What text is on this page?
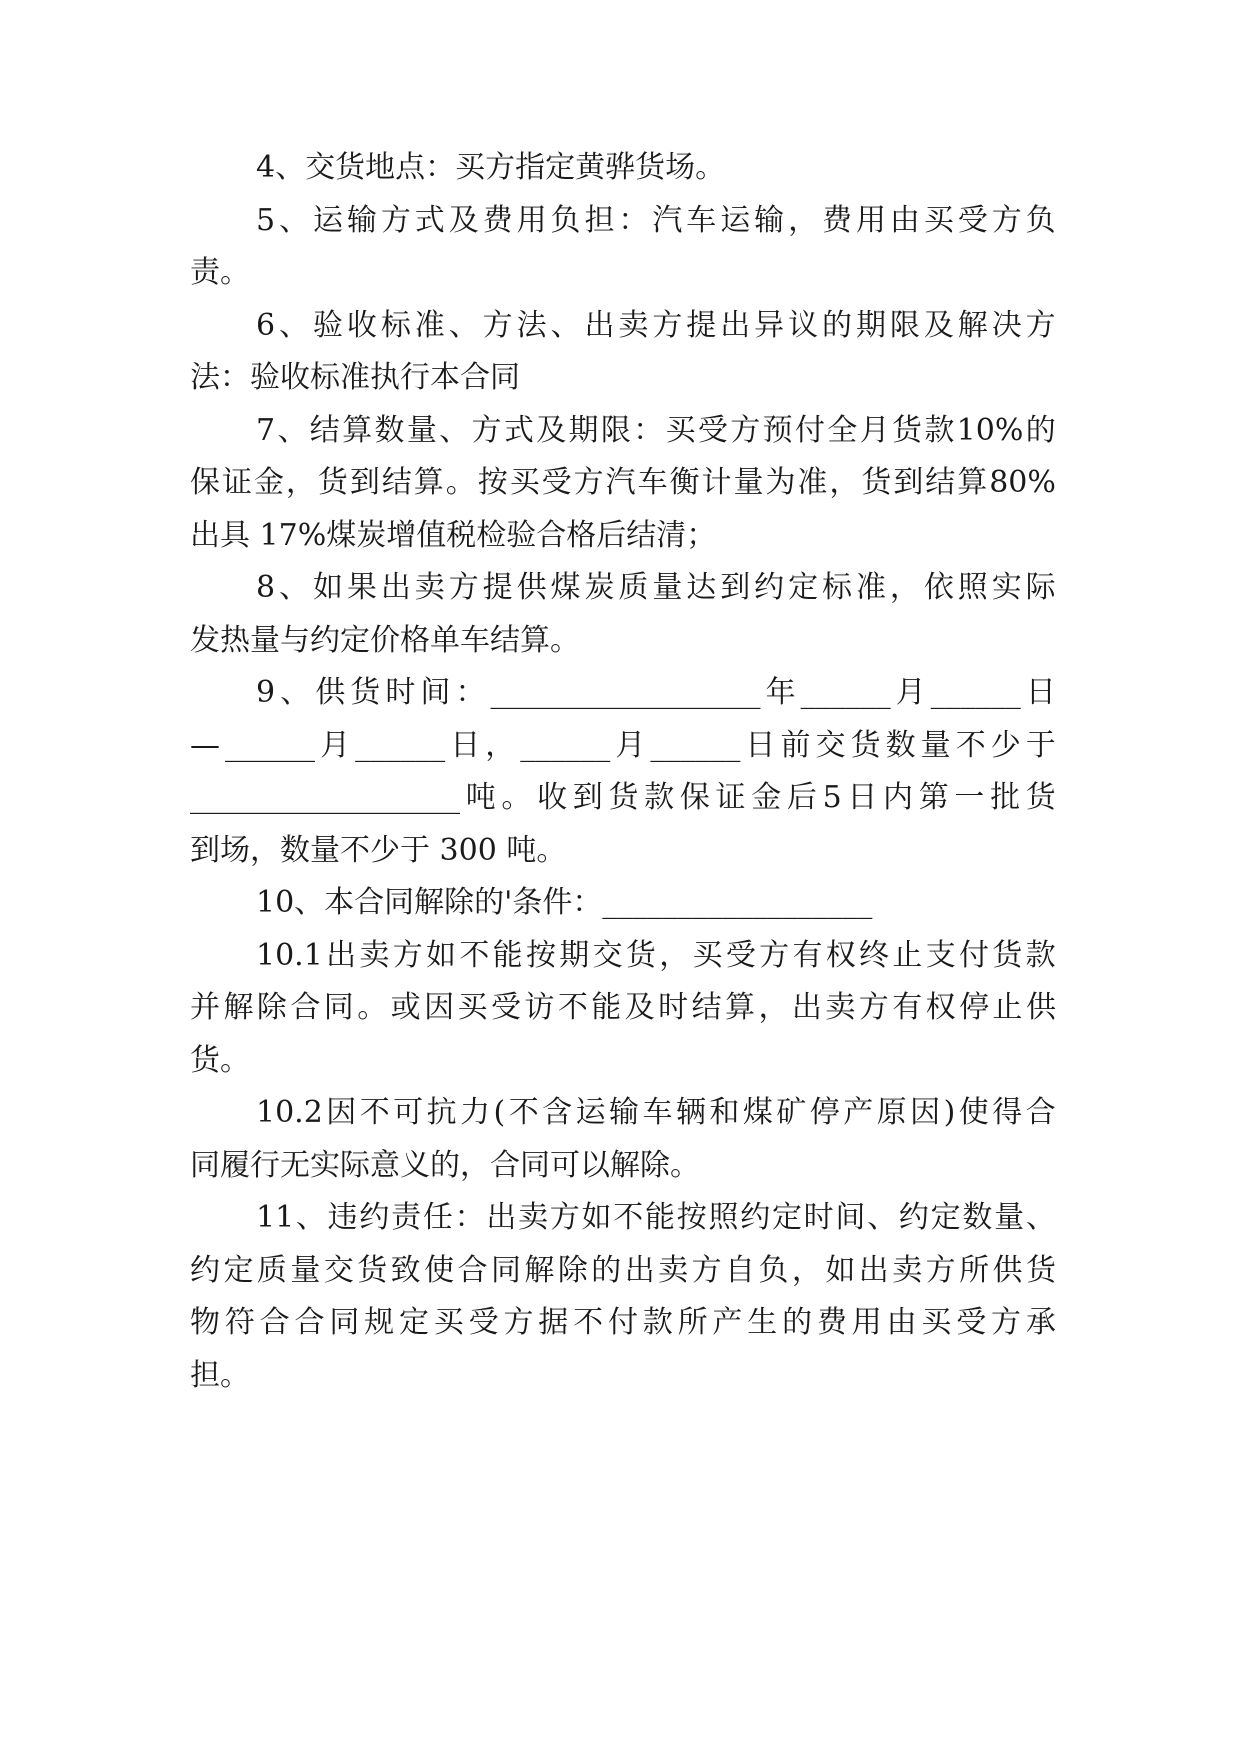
4、交货地点：买方指定黄骅货场。
5 、 运 输 方 式 及 费 用 负 担 ： 汽 车 运 输 ， 费 用 由 买 受 方 负
责。
6 、 验 收 标 准 、 方 法 、 出 卖 方 提 出 异 议 的 期 限 及 解 决 方
法：验收标准执行本合同
7 、 结 算 数 量 、 方 式 及 期 限 ： 买 受 方 预 付 全 月 货 款 10% 的
保 证 金 ， 货 到 结 算 。 按 买 受 方 汽 车 衡 计 量 为 准 ， 货 到 结 算 80%
出具 17%煤炭增值税检验合格后结清；
8 、 如 果 出 卖 方 提 供 煤 炭 质 量 达 到 约 定 标 准 ， 依 照 实 际
发热量与约定价格单车结算。
9 、 供 货 时 间 ： __________________ 年 ______ 月 ______ 日
— ______ 月 ______ 日 ， ______ 月 ______ 日 前 交 货 数 量 不 少 于
__________________ 吨 。 收 到 货 款 保 证 金 后 5 日 内 第 一 批 货
到场，数量不少于 300 吨。
10、本合同解除的'条件：__________________
10.1 出 卖 方 如 不 能 按 期 交 货 ， 买 受 方 有 权 终 止 支 付 货 款
并 解 除 合 同 。 或 因 买 受 访 不 能 及 时 结 算 ， 出 卖 方 有 权 停 止 供
货。
10.2 因 不 可 抗 力 ( 不 含 运 输 车 辆 和 煤 矿 停 产 原 因 ) 使 得 合
同履行无实际意义的，合同可以解除。
11 、 违 约 责 任 ： 出 卖 方 如 不 能 按 照 约 定 时 间 、 约 定 数 量 、
约 定 质 量 交 货 致 使 合 同 解 除 的 出 卖 方 自 负 ， 如 出 卖 方 所 供 货
物 符 合 合 同 规 定 买 受 方 据 不 付 款 所 产 生 的 费 用 由 买 受 方 承
担。
